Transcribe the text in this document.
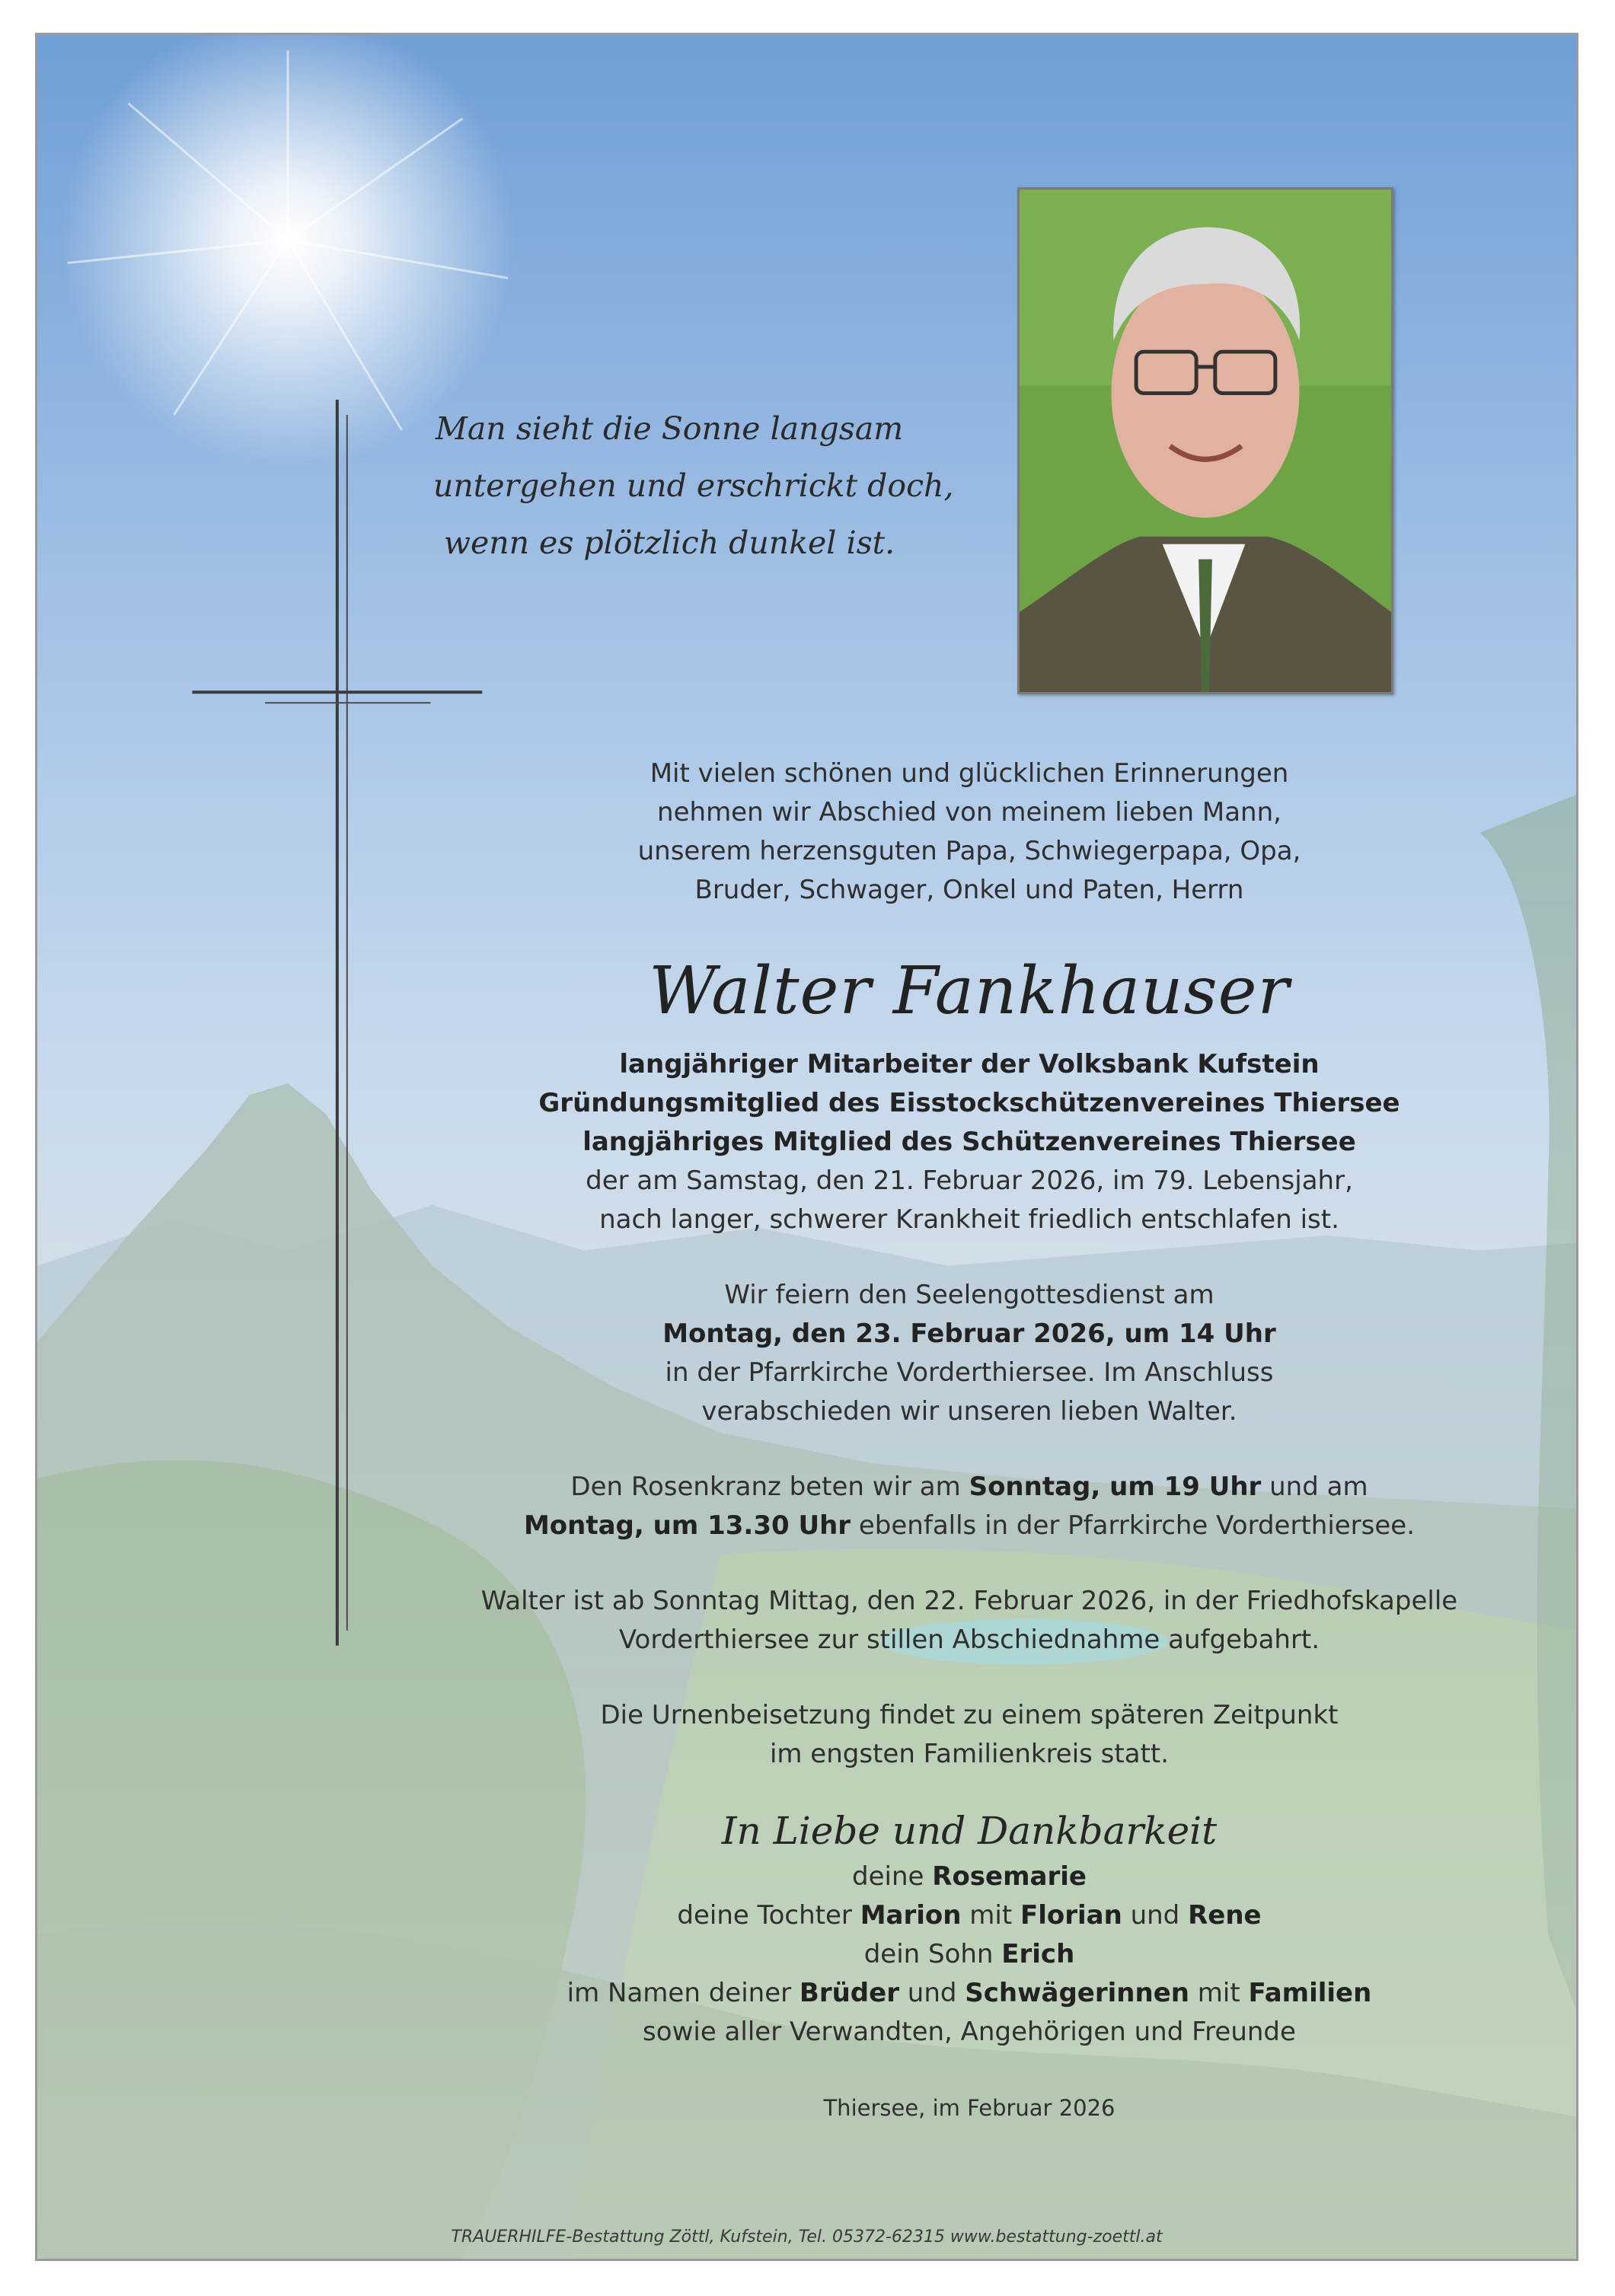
Man sieht die Sonne langsam
untergehen und erschrickt doch,
wenn es plötzlich dunkel ist.

Mit vielen schönen und glücklichen Erinnerungen
nehmen wir Abschied von meinem lieben Mann,
unserem herzensguten Papa, Schwiegerpapa, Opa,
Bruder, Schwager, Onkel und Paten, Herrn

Walter Fankhauser

langjähriger Mitarbeiter der Volksbank Kufstein
Gründungsmitglied des Eisstockschützenvereines Thiersee
langjähriges Mitglied des Schützenvereines Thiersee

der am Samstag, den 21. Februar 2026, im 79. Lebensjahr,
nach langer, schwerer Krankheit friedlich entschlafen ist.

Wir feiern den Seelengottesdienst am
Montag, den 23. Februar 2026, um 14 Uhr
in der Pfarrkirche Vorderthiersee. Im Anschluss
verabschieden wir unseren lieben Walter.

Den Rosenkranz beten wir am Sonntag, um 19 Uhr und am
Montag, um 13.30 Uhr ebenfalls in der Pfarrkirche Vorderthiersee.

Walter ist ab Sonntag Mittag, den 22. Februar 2026, in der Friedhofskapelle
Vorderthiersee zur stillen Abschiednahme aufgebahrt.

Die Urnenbeisetzung findet zu einem späteren Zeitpunkt
im engsten Familienkreis statt.

In Liebe und Dankbarkeit

deine Rosemarie
deine Tochter Marion mit Florian und Rene
dein Sohn Erich
im Namen deiner Brüder und Schwägerinnen mit Familien
sowie aller Verwandten, Angehörigen und Freunde

Thiersee, im Februar 2026
TRAUERHILFE-Bestattung Zöttl, Kufstein, Tel. 05372-62315 www.bestattung-zoettl.at
